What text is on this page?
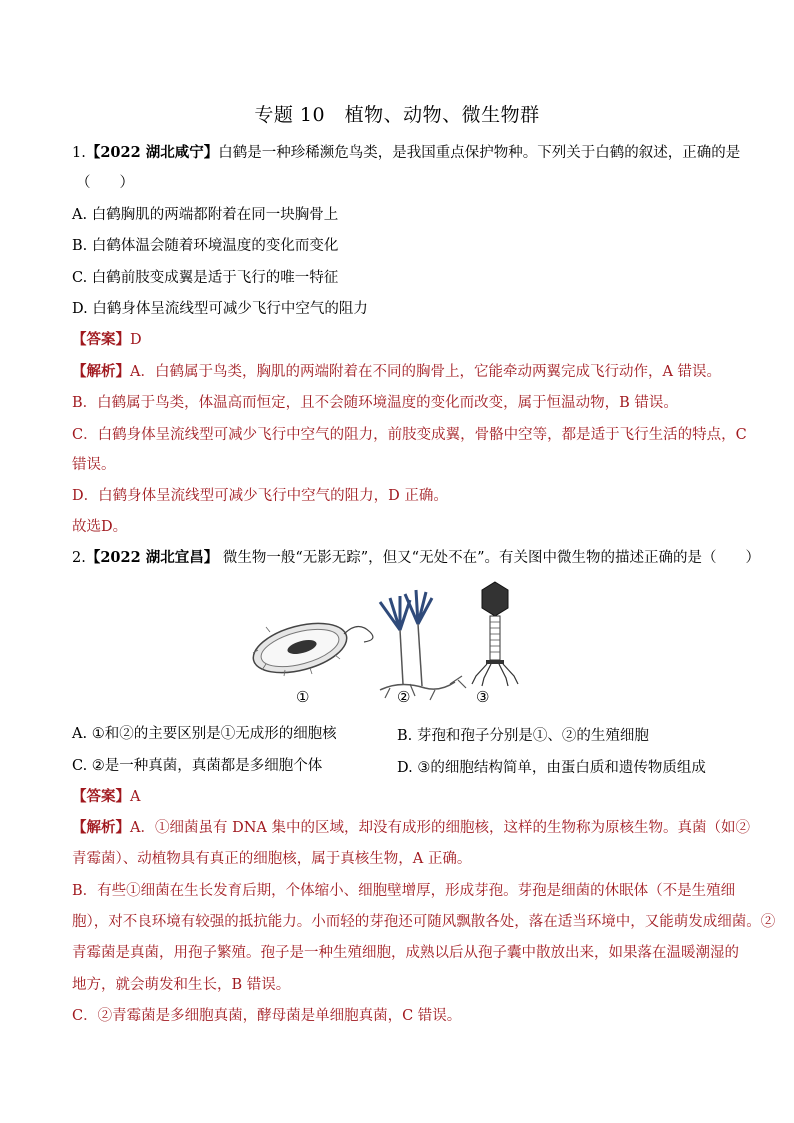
专题 10　植物、动物、微生物群
1.【2022 湖北咸宁】白鹤是一种珍稀濒危鸟类，是我国重点保护物种。下列关于白鹤的叙述，正确的是
（　　）
A. 白鹤胸肌的两端都附着在同一块胸骨上
B. 白鹤体温会随着环境温度的变化而变化
C. 白鹤前肢变成翼是适于飞行的唯一特征
D. 白鹤身体呈流线型可减少飞行中空气的阻力
【答案】D
【解析】A．白鹤属于鸟类，胸肌的两端附着在不同的胸骨上，它能牵动两翼完成飞行动作，A 错误。
B．白鹤属于鸟类，体温高而恒定，且不会随环境温度的变化而改变，属于恒温动物，B 错误。
C．白鹤身体呈流线型可减少飞行中空气的阻力，前肢变成翼，骨骼中空等，都是适于飞行生活的特点，C
错误。
D．白鹤身体呈流线型可减少飞行中空气的阻力，D 正确。
故选D。
2.【2022 湖北宜昌】 微生物一般“无影无踪”，但又“无处不在”。有关图中微生物的描述正确的是（　　）
①	②	③
A. ①和②的主要区别是①无成形的细胞核	B. 芽孢和孢子分别是①、②的生殖细胞
C. ②是一种真菌，真菌都是多细胞个体	D. ③的细胞结构简单，由蛋白质和遗传物质组成
【答案】A
【解析】A．①细菌虽有 DNA 集中的区域，却没有成形的细胞核，这样的生物称为原核生物。真菌（如②
青霉菌）、动植物具有真正的细胞核，属于真核生物，A 正确。
B．有些①细菌在生长发育后期，个体缩小、细胞壁增厚，形成芽孢。芽孢是细菌的休眠体（不是生殖细
胞），对不良环境有较强的抵抗能力。小而轻的芽孢还可随风飘散各处，落在适当环境中，又能萌发成细菌。②
青霉菌是真菌，用孢子繁殖。孢子是一种生殖细胞，成熟以后从孢子囊中散放出来，如果落在温暖潮湿的
地方，就会萌发和生长，B 错误。
C．②青霉菌是多细胞真菌，酵母菌是单细胞真菌，C 错误。
